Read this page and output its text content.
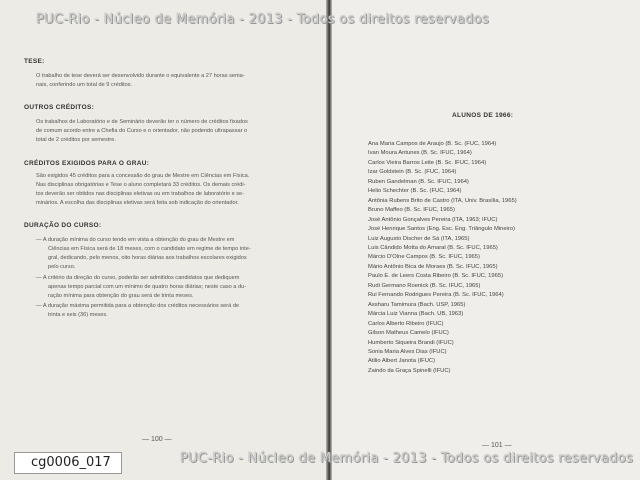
PUC-Rio - Núcleo de Memória - 2013 - Todos os direitos reservados
TESE:
O trabalho de tese deverá ser desenvolvido durante o equivalente a 27 horas sema-
nais, conferindo um total de 9 créditos.
OUTROS CRÉDITOS:
Os trabalhos de Laboratório e de Seminário deverão ter o número de créditos fixados
de comum acordo entre a Chefia do Curso e o orientador, não podendo ultrapassar o
total de 2 créditos por semestre.
CRÉDITOS EXIGIDOS PARA O GRAU:
São exigidos 45 créditos para a concessão do grau de Mestre em Ciências em Física.
Nas disciplinas obrigatórias e Tese o aluno completará 33 créditos. Os demais crédi-
tos deverão ser obtidos nas disciplinas eletivas ou em trabalhos de laboratório e se-
minários. A escolha das disciplinas eletivas será feita sob indicação do orientador.
DURAÇÃO DO CURSO:
— A duração mínima do curso tendo em vista a obtenção do grau de Mestre em
Ciências em Física será de 18 meses, com o candidato em regime de tempo inte-
gral, dedicando, pelo menos, oito horas diárias aos trabalhos escolares exigidos
pelo curso.
— A critério da direção do curso, poderão ser admitidos candidatos que dediquem
apenas tempo parcial com um mínimo de quatro horas diárias; neste caso a du-
ração mínima para obtenção do grau será de trinta meses.
— A duração máxima permitida para a obtenção dos créditos necessários será de
trinta e seis (36) meses.
— 100 —
ALUNOS DE 1966:
Ana Maria Campos de Araujo (B. Sc. (FUC, 1964)
Ivan Moura Antunes (B. Sc. IFUC, 1964)
Carlos Vieira Barros Leite (B. Sc. IFUC, 1964)
Izar Goldstein (B. Sc. (FUC, 1964)
Ruben Gandelman (B. Sc. IFUC, 1964)
Helio Schechter (B. Sc. (FUC, 1964)
Antônia Rubens Brito de Castro (ITA, Univ. Brasília, 1965)
Bruno Maffeo (B. Sc. IFUC, 1965)
José Antônio Gonçalves Pereira (ITA, 1963; IFUC)
José Henrique Santos (Eng. Esc. Eng. Triângulo Mineiro)
Luiz Augusto Discher de Sá (ITA, 1965)
Luis Cândido Motta do Amaral (B. Sc. IFUC, 1965)
Márcio D'Olne Campos (B. Sc. IFUC, 1965)
Mário Antônio Bica de Moraes (B. Sc. IFUC, 1965)
Paulo E. de Leers Costa Ribeiro (B. Sc. IFUC, 1965)
Rudi Germano Roenick (B. Sc. IFUC, 1965)
Rui Fernando Rodrigues Pereira (B. Sc. IFUC, 1964)
Assharu Tamimura (Bach. USP, 1965)
Márcia Luiz Vianna (Bach. UB, 1963)
Carlos Alberto Ribeiro (IFUC)
Gilson Matheus Camelo (IFUC)
Humberto Siqueira Brandi (IFUC)
Sonia Maria Alves Dias (IFUC)
Atilio Albert Janota (IFUC)
Zaindo da Graça Spinelli (IFUC)
— 101 —
PUC-Rio - Núcleo de Memória - 2013 - Todos os direitos reservados
cg0006_017
